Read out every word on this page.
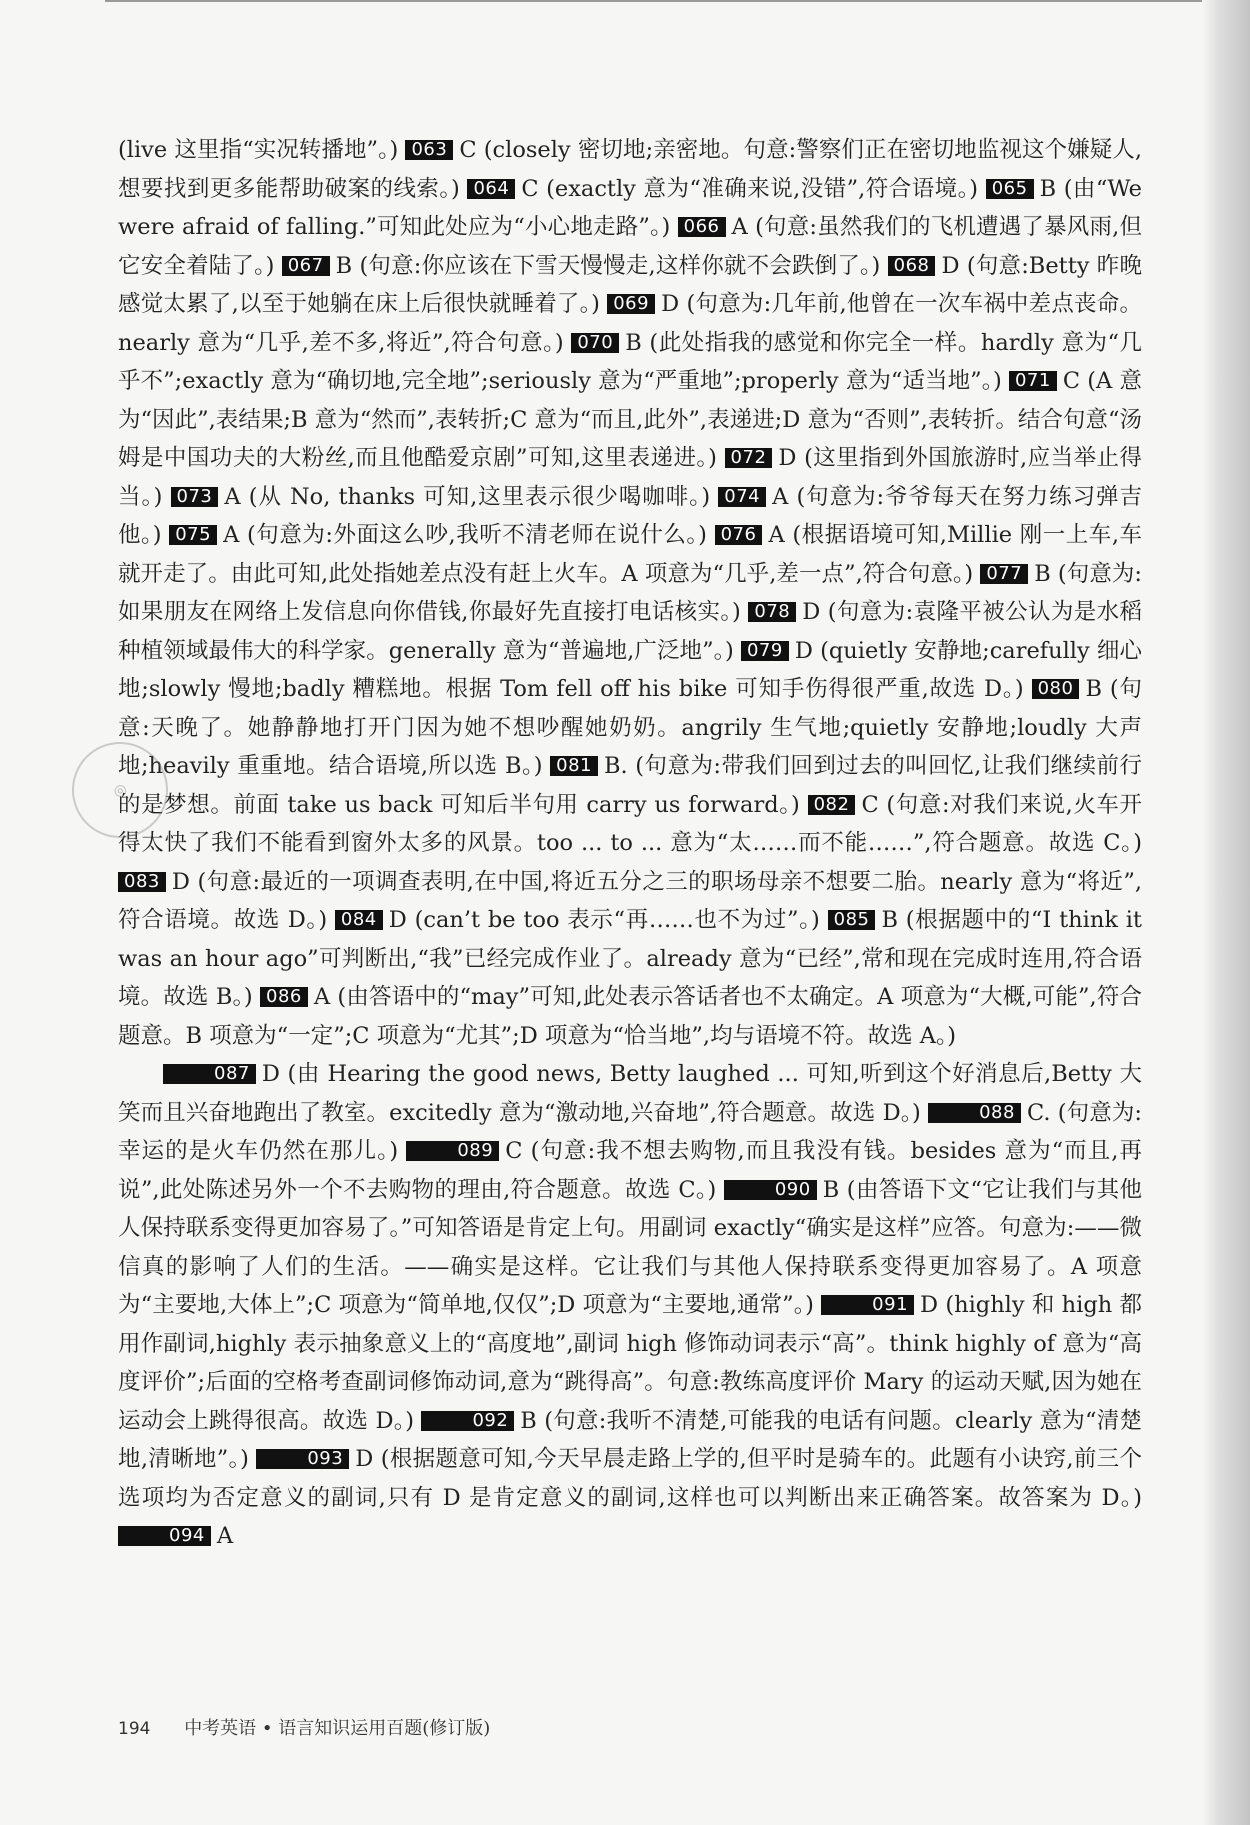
(live 这里指“实况转播地”。) 063 C (closely 密切地;亲密地。句意:警察们正在密切地监视这个嫌疑人,想要找到更多能帮助破案的线索。) 064 C (exactly 意为“准确来说,没错”,符合语境。) 065 B (由“We were afraid of falling.”可知此处应为“小心地走路”。) 066 A (句意:虽然我们的飞机遭遇了暴风雨,但它安全着陆了。) 067 B (句意:你应该在下雪天慢慢走,这样你就不会跌倒了。) 068 D (句意:Betty 昨晚感觉太累了,以至于她躺在床上后很快就睡着了。) 069 D (句意为:几年前,他曾在一次车祸中差点丧命。nearly 意为“几乎,差不多,将近”,符合句意。) 070 B (此处指我的感觉和你完全一样。hardly 意为“几乎不”;exactly 意为“确切地,完全地”;seriously 意为“严重地”;properly 意为“适当地”。) 071 C (A 意为“因此”,表结果;B 意为“然而”,表转折;C 意为“而且,此外”,表递进;D 意为“否则”,表转折。结合句意“汤姆是中国功夫的大粉丝,而且他酷爱京剧”可知,这里表递进。) 072 D (这里指到外国旅游时,应当举止得当。) 073 A (从 No, thanks 可知,这里表示很少喝咖啡。) 074 A (句意为:爷爷每天在努力练习弹吉他。) 075 A (句意为:外面这么吵,我听不清老师在说什么。) 076 A (根据语境可知,Millie 刚一上车,车就开走了。由此可知,此处指她差点没有赶上火车。A 项意为“几乎,差一点”,符合句意。) 077 B (句意为:如果朋友在网络上发信息向你借钱,你最好先直接打电话核实。) 078 D (句意为:袁隆平被公认为是水稻种植领域最伟大的科学家。generally 意为“普遍地,广泛地”。) 079 D (quietly 安静地;carefully 细心地;slowly 慢地;badly 糟糕地。根据 Tom fell off his bike 可知手伤得很严重,故选 D。) 080 B (句意:天晚了。她静静地打开门因为她不想吵醒她奶奶。angrily 生气地;quietly 安静地;loudly 大声地;heavily 重重地。结合语境,所以选 B。) 081 B. (句意为:带我们回到过去的叫回忆,让我们继续前行的是梦想。前面 take us back 可知后半句用 carry us forward。) 082 C (句意:对我们来说,火车开得太快了我们不能看到窗外太多的风景。too ... to ... 意为“太……而不能……”,符合题意。故选 C。) 083 D (句意:最近的一项调查表明,在中国,将近五分之三的职场母亲不想要二胎。nearly 意为“将近”,符合语境。故选 D。) 084 D (can’t be too 表示“再……也不为过”。) 085 B (根据题中的“I think it was an hour ago”可判断出,“我”已经完成作业了。already 意为“已经”,常和现在完成时连用,符合语境。故选 B。) 086 A (由答语中的“may”可知,此处表示答话者也不太确定。A 项意为“大概,可能”,符合题意。B 项意为“一定”;C 项意为“尤其”;D 项意为“恰当地”,均与语境不符。故选 A。)

087 D (由 Hearing the good news, Betty laughed ... 可知,听到这个好消息后,Betty 大笑而且兴奋地跑出了教室。excitedly 意为“激动地,兴奋地”,符合题意。故选 D。)	088 C. (句意为:幸运的是火车仍然在那儿。)	089 C (句意:我不想去购物,而且我没有钱。besides 意为“而且,再说”,此处陈述另外一个不去购物的理由,符合题意。故选 C。)	090 B (由答语下文“它让我们与其他人保持联系变得更加容易了。”可知答语是肯定上句。用副词 exactly“确实是这样”应答。句意为:——微信真的影响了人们的生活。——确实是这样。它让我们与其他人保持联系变得更加容易了。A 项意为“主要地,大体上”;C 项意为“简单地,仅仅”;D 项意为“主要地,通常”。)	091 D (highly 和 high 都用作副词,highly 表示抽象意义上的“高度地”,副词 high 修饰动词表示“高”。think highly of 意为“高度评价”;后面的空格考查副词修饰动词,意为“跳得高”。句意:教练高度评价 Mary 的运动天赋,因为她在运动会上跳得很高。故选 D。)	092 B (句意:我听不清楚,可能我的电话有问题。clearly 意为“清楚地,清晰地”。)	093 D (根据题意可知,今天早晨走路上学的,但平时是骑车的。此题有小诀窍,前三个选项均为否定意义的副词,只有 D 是肯定意义的副词,这样也可以判断出来正确答案。故答案为 D。) 094 A

◎
194 中考英语 • 语言知识运用百题(修订版)
